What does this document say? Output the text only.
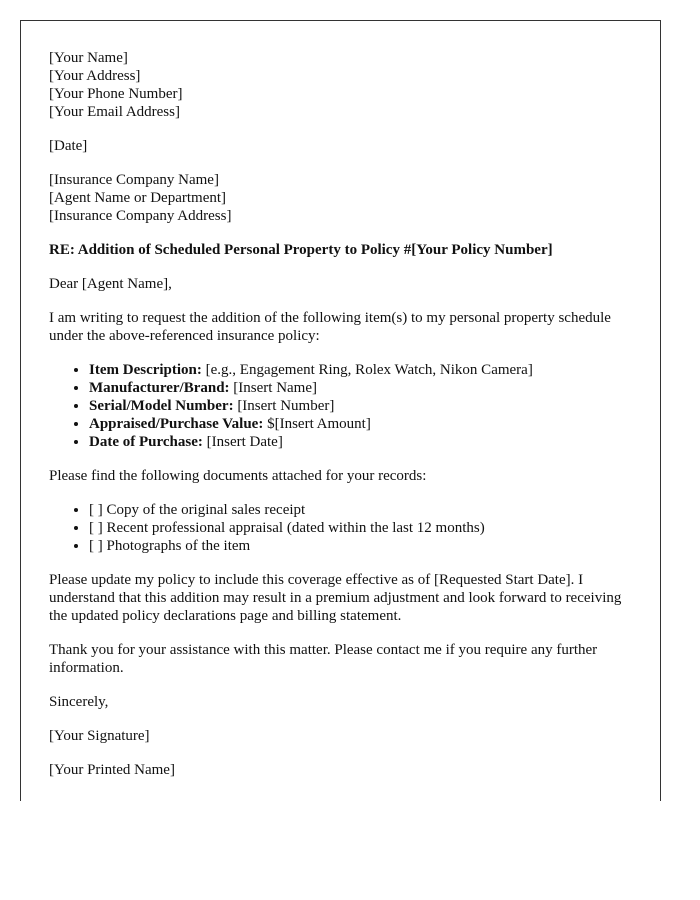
[Your Name]
[Your Address]
[Your Phone Number]
[Your Email Address]

[Date]

[Insurance Company Name]
[Agent Name or Department]
[Insurance Company Address]

RE: Addition of Scheduled Personal Property to Policy #[Your Policy Number]

Dear [Agent Name],

I am writing to request the addition of the following item(s) to my personal property schedule under the above-referenced insurance policy:

• Item Description: [e.g., Engagement Ring, Rolex Watch, Nikon Camera]
• Manufacturer/Brand: [Insert Name]
• Serial/Model Number: [Insert Number]
• Appraised/Purchase Value: $[Insert Amount]
• Date of Purchase: [Insert Date]

Please find the following documents attached for your records:

• [ ] Copy of the original sales receipt
• [ ] Recent professional appraisal (dated within the last 12 months)
• [ ] Photographs of the item

Please update my policy to include this coverage effective as of [Requested Start Date]. I understand that this addition may result in a premium adjustment and look forward to receiving the updated policy declarations page and billing statement.

Thank you for your assistance with this matter. Please contact me if you require any further information.

Sincerely,

[Your Signature]

[Your Printed Name]
